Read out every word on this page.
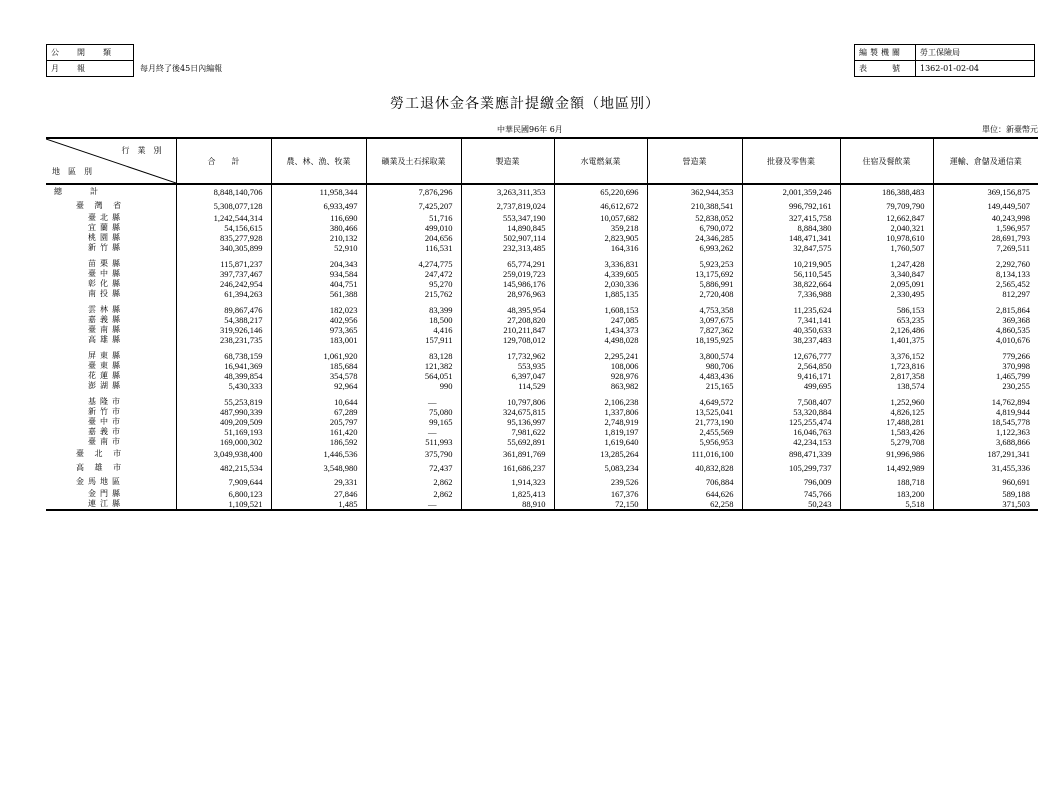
公開類	
月報	每月終了後45日內編報
編製機關	勞工保險局
表　　號	1362-01-02-04
勞工退休金各業應計提繳金額（地區別）
中華民國96年 6月	單位：新臺幣元
行業別
地區別	合　　計	農、林、漁、牧業	礦業及土石採取業	製造業	水電燃氣業	營造業	批發及零售業	住宿及餐飲業	運輸、倉儲及通信業
總　　計	8,848,140,706	11,958,344	7,876,296	3,263,311,353	65,220,696	362,944,353	2,001,359,246	186,388,483	369,156,875
臺 灣 省	5,308,077,128	6,933,497	7,425,207	2,737,819,024	46,612,672	210,388,541	996,792,161	79,709,790	149,449,507
臺北縣	1,242,544,314	116,690	51,716	553,347,190	10,057,682	52,838,052	327,415,758	12,662,847	40,243,998
宜蘭縣	54,156,615	380,466	499,010	14,890,845	359,218	6,790,072	8,884,380	2,040,321	1,596,957
桃園縣	835,277,928	210,132	204,656	502,907,114	2,823,905	24,346,285	148,471,341	10,978,610	28,691,793
新竹縣	340,305,899	52,910	116,531	232,313,485	164,316	6,993,262	32,847,575	1,760,507	7,269,511

苗栗縣	115,871,237	204,343	4,274,775	65,774,291	3,336,831	5,923,253	10,219,905	1,247,428	2,292,760
臺中縣	397,737,467	934,584	247,472	259,019,723	4,339,605	13,175,692	56,110,545	3,340,847	8,134,133
彰化縣	246,242,954	404,751	95,270	145,986,176	2,030,336	5,886,991	38,822,664	2,095,091	2,565,452
南投縣	61,394,263	561,388	215,762	28,976,963	1,885,135	2,720,408	7,336,988	2,330,495	812,297

雲林縣	89,867,476	182,023	83,399	48,395,954	1,608,153	4,753,358	11,235,624	586,153	2,815,864
嘉義縣	54,388,217	402,956	18,500	27,208,820	247,085	3,097,675	7,341,141	653,235	369,368
臺南縣	319,926,146	973,365	4,416	210,211,847	1,434,373	7,827,362	40,350,633	2,126,486	4,860,535
高雄縣	238,231,735	183,001	157,911	129,708,012	4,498,028	18,195,925	38,237,483	1,401,375	4,010,676

屏東縣	68,738,159	1,061,920	83,128	17,732,962	2,295,241	3,800,574	12,676,777	3,376,152	779,266
臺東縣	16,941,369	185,684	121,382	553,935	108,006	980,706	2,564,850	1,723,816	370,998
花蓮縣	48,399,854	354,578	564,051	6,397,047	928,976	4,483,436	9,416,171	2,817,358	1,465,799
澎湖縣	5,430,333	92,964	990	114,529	863,982	215,165	499,695	138,574	230,255

基隆市	55,253,819	10,644	—	10,797,806	2,106,238	4,649,572	7,508,407	1,252,960	14,762,894
新竹市	487,990,339	67,289	75,080	324,675,815	1,337,806	13,525,041	53,320,884	4,826,125	4,819,944
臺中市	409,209,509	205,797	99,165	95,136,997	2,748,919	21,773,190	125,255,474	17,488,281	18,545,778
嘉義市	51,169,193	161,420	—	7,981,622	1,819,197	2,455,569	16,046,763	1,583,426	1,122,363
臺南市	169,000,302	186,592	511,993	55,692,891	1,619,640	5,956,953	42,234,153	5,279,708	3,688,866
臺 北 市	3,049,938,400	1,446,536	375,790	361,891,769	13,285,264	111,016,100	898,471,339	91,996,986	187,291,341
高 雄 市	482,215,534	3,548,980	72,437	161,686,237	5,083,234	40,832,828	105,299,737	14,492,989	31,455,336
金馬地區	7,909,644	29,331	2,862	1,914,323	239,526	706,884	796,009	188,718	960,691
金門縣	6,800,123	27,846	2,862	1,825,413	167,376	644,626	745,766	183,200	589,188
連江縣	1,109,521	1,485	—	88,910	72,150	62,258	50,243	5,518	371,503
